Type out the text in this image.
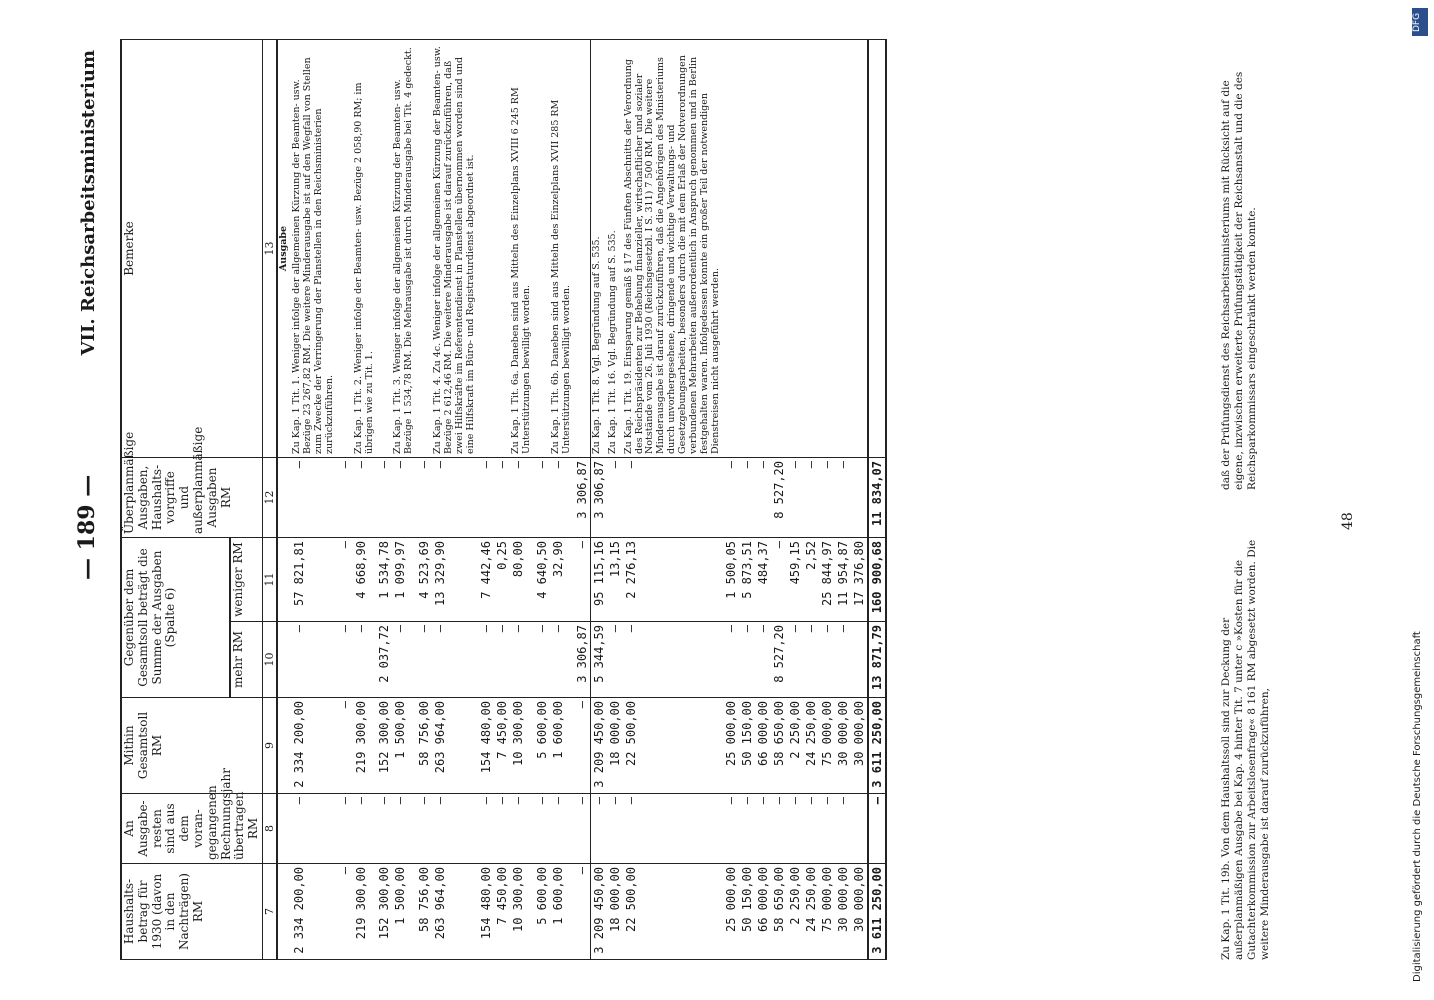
— 189 —
VII. Reichsarbeitsministerium
Haushalts-betrag für 1930 (davon in den Nachträgen) RM	An Ausgabe-resten sind aus dem voran-gegangenen Rechnungsjahr übertragen RM	Mithin Gesamtsoll RM	Gegenüber dem Gesamtsoll beträgt die Summe der Ausgaben (Spalte 6)		Überplanmäßige Ausgaben, Haushalts-vorgriffe und außerplanmäßige Ausgaben RM	Bemerke
			mehr RM	weniger RM		
7	8	9	10	11	12	13
						Ausgabe
2 334 200,00	—	2 334 200,00	—	57 821,81	—	Zu Kap. 1 Tit. 1. Weniger infolge der allgemeinen Kürzung der Beamten- usw. Bezüge 23 267,82 RM. Die weitere Minderausgabe ist auf den Wegfall von Stellen zum Zwecke der Verringerung der Planstellen in den Reichsministerien zurückzuführen.
—	—	—	—	—	—	
219 300,00	—	219 300,00	—	4 668,90	—	Zu Kap. 1 Tit. 2. Weniger infolge der Beamten- usw. Bezüge 2 058,90 RM; im übrigen wie zu Tit. 1.
152 300,00	—	152 300,00	2 037,72	1 534,78	—	
1 500,00	—	1 500,00	—	1 099,97	—	Zu Kap. 1 Tit. 3. Weniger infolge der allgemeinen Kürzung der Beamten- usw. Bezüge 1 534,78 RM. Die Mehrausgabe ist durch Minderausgabe bei Tit. 4 gedeckt.
58 756,00	—	58 756,00	—	4 523,69	—	
263 964,00	—	263 964,00	—	13 329,90	—	Zu Kap. 1 Tit. 4. Zu 4c. Weniger infolge der allgemeinen Kürzung der Beamten- usw. Bezüge 2 612,46 RM. Die weitere Minderausgabe ist darauf zurückzuführen, daß zwei Hilfskräfte im Referentendienst in Planstellen übernommen worden sind und eine Hilfskraft im Büro- und Registraturdienst abgeordnet ist.
154 480,00	—	154 480,00	—	7 442,46	—	
7 450,00	—	7 450,00	—	0,25	—	
10 300,00	—	10 300,00	—	80,00	—	Zu Kap. 1 Tit. 6a. Daneben sind aus Mitteln des Einzelplans XVIII 6 245 RM Unterstützungen bewilligt worden.
5 600,00	—	5 600,00	—	4 640,50	—	
1 600,00	—	1 600,00	—	32,90	—	Zu Kap. 1 Tit. 6b. Daneben sind aus Mitteln des Einzelplans XVII 285 RM Unterstützungen bewilligt worden.
—	—	—	3 306,87	—	3 306,87	
3 209 450,00	—	3 209 450,00	5 344,59	95 115,16	3 306,87	Zu Kap. 1 Tit. 8. Vgl. Begründung auf S. 535.
18 000,00	—	18 000,00	—	13,15	—	Zu Kap. 1 Tit. 16. Vgl. Begründung auf S. 535.
22 500,00	—	22 500,00	—	2 276,13	—	Zu Kap. 1 Tit. 19. Einsparung gemäß § 17 des Fünften Abschnitts der Verordnung des Reichspräsidenten zur Behebung finanzieller, wirtschaftlicher und sozialer Notstände vom 26. Juli 1930 (Reichsgesetzbl. I S. 311) 7 500 RM. Die weitere Minderausgabe ist darauf zurückzuführen, daß die Angehörigen des Ministeriums durch unvorhergesehene, dringende und wichtige Verwaltungs- und Gesetzgebungsarbeiten, besonders durch die mit dem Erlaß der Notverordnungen verbundenen Mehrarbeiten außerordentlich in Anspruch genommen und in Berlin festgehalten waren. Infolgedessen konnte ein großer Teil der notwendigen Dienstreisen nicht ausgeführt werden.
25 000,00	—	25 000,00	—	1 500,05	—	
50 150,00	—	50 150,00	—	5 873,51	—	
66 000,00	—	66 000,00	—	484,37	—	
58 650,00	—	58 650,00	8 527,20	—	8 527,20	
2 250,00	—	2 250,00	—	459,15	—	
24 250,00	—	24 250,00	—	2,52	—	
75 000,00	—	75 000,00	—	25 844,97	—	
30 000,00	—	30 000,00	—	11 954,87	—	
30 000,00		30 000,00		17 376,80		
3 611 250,00	—	3 611 250,00	13 871,79	160 900,68	11 834,07	
Zu Kap. 1 Tit. 19b. Von dem Haushaltssoll sind zur Deckung der außerplanmäßigen Ausgabe bei Kap. 4 hinter Tit. 7 unter c »Kosten für die Gutachterkommission zur Arbeitslosenfrage« 8 161 RM abgesetzt worden. Die weitere Minderausgabe ist darauf zurückzuführen,
daß der Prüfungsdienst des Reichsarbeitsministeriums mit Rücksicht auf die eigene, inzwischen erweiterte Prüfungstätigkeit der Reichsanstalt und die des Reichsparkommissars eingeschränkt werden konnte.
48
DFG
Digitalisierung gefördert durch die Deutsche Forschungsgemeinschaft
